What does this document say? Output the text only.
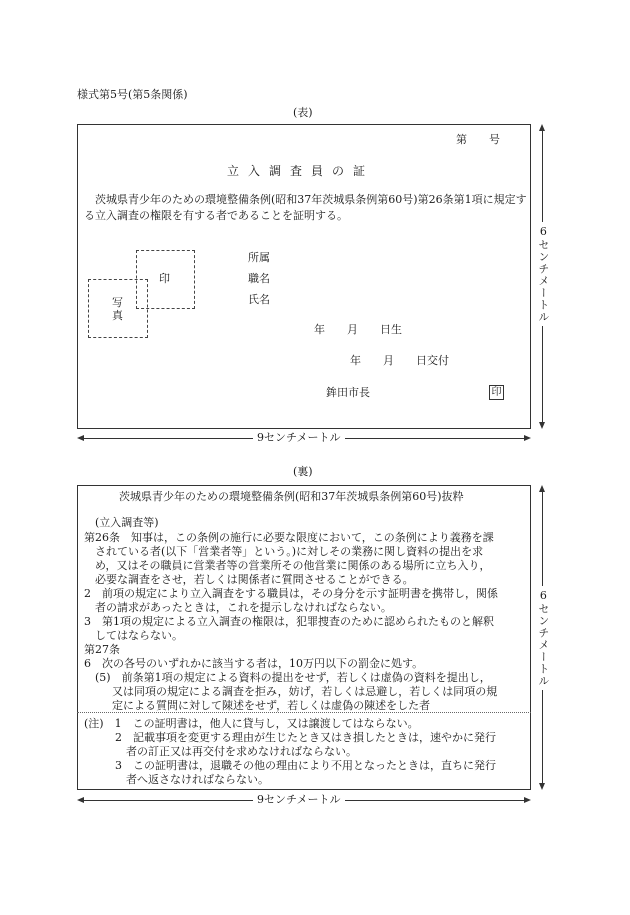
様式第5号(第5条関係)
(表)
第　　号
立入調査員の証
茨城県青少年のための環境整備条例(昭和37年茨城県条例第60号)第26条第1項に規定する立入調査の権限を有する者であることを証明する。
印
写真
所属
職名
氏名
年　　月　　日生
年　　月　　日交付
鉾田市長	印
9センチメートル
6センチメートル
(裏)
茨城県青少年のための環境整備条例(昭和37年茨城県条例第60号)抜粋
(立入調査等)
第26条　知事は，この条例の施行に必要な限度において，この条例により義務を課
されている者(以下「営業者等」という。)に対しその業務に関し資料の提出を求
め，又はその職員に営業者等の営業所その他営業に関係のある場所に立ち入り，
必要な調査をさせ，若しくは関係者に質問させることができる。
2　前項の規定により立入調査をする職員は，その身分を示す証明書を携帯し，関係
者の請求があったときは，これを提示しなければならない。
3　第1項の規定による立入調査の権限は，犯罪捜査のために認められたものと解釈
してはならない。
第27条
6　次の各号のいずれかに該当する者は，10万円以下の罰金に処す。
(5)　前条第1項の規定による資料の提出をせず，若しくは虚偽の資料を提出し，
又は同項の規定による調査を拒み，妨げ，若しくは忌避し，若しくは同項の規
定による質問に対して陳述をせず，若しくは虚偽の陳述をした者
(注)　1　この証明書は，他人に貸与し，又は譲渡してはならない。
2　記載事項を変更する理由が生じたとき又はき損したときは，速やかに発行
者の訂正又は再交付を求めなければならない。
3　この証明書は，退職その他の理由により不用となったときは，直ちに発行
者へ返さなければならない。
9センチメートル
6センチメートル
